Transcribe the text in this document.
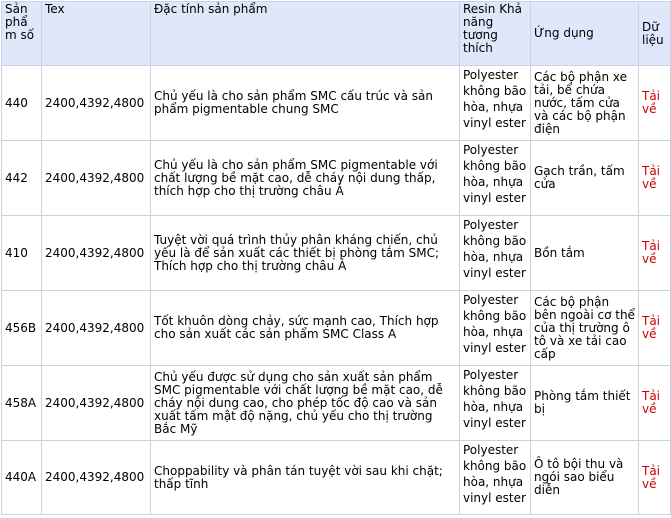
Sản phẩm số	Tex	Đặc tính sản phẩm	Resin Khả năng tương thích	Ứng dụng	Dữ liệu
440	2400,4392,4800	Chủ yếu là cho sản phẩm SMC cấu trúc và sản phẩm pigmentable chung SMC	Polyester không bão hòa, nhựa vinyl ester	Các bộ phận xe tải, bể chứa nước, tấm cửa và các bộ phận điện	Tải về
442	2400,4392,4800	Chủ yếu là cho sản phẩm SMC pigmentable với chất lượng bề mặt cao, dễ cháy nội dung thấp, thích hợp cho thị trường châu Á	Polyester không bão hòa, nhựa vinyl ester	Gạch trần, tấm cửa	Tải về
410	2400,4392,4800	Tuyệt vời quá trình thủy phân kháng chiến, chủ yếu là để sản xuất các thiết bị phòng tắm SMC; Thích hợp cho thị trường châu Á	Polyester không bão hòa, nhựa vinyl ester	Bồn tắm	Tải về
456B	2400,4392,4800	Tốt khuôn dòng chảy, sức mạnh cao, Thích hợp cho sản xuất các sản phẩm SMC Class A	Polyester không bão hòa, nhựa vinyl ester	Các bộ phận bên ngoài cơ thể của thị trường ô tô và xe tải cao cấp	Tải về
458A	2400,4392,4800	Chủ yếu được sử dụng cho sản xuất sản phẩm SMC pigmentable với chất lượng bề mặt cao, dễ cháy nội dung cao, cho phép tốc độ cao và sản xuất tấm mật độ nặng, chủ yếu cho thị trường Bắc Mỹ	Polyester không bão hòa, nhựa vinyl ester	Phòng tắm thiết bị	Tải về
440A	2400,4392,4800	Choppability và phân tán tuyệt vời sau khi chặt; thấp tĩnh	Polyester không bão hòa, nhựa vinyl ester	Ô tô bội thu và ngói sao biểu diễn	Tải về
